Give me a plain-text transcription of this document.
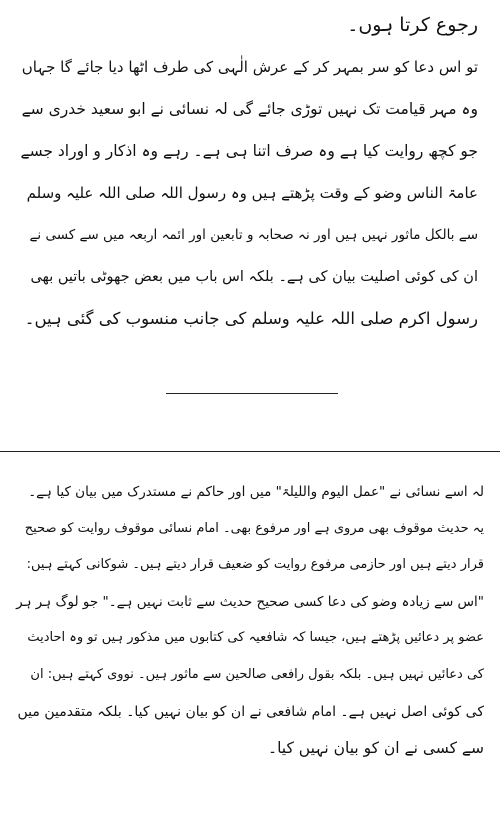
رجوع کرتا ہوں۔
تو اس دعا کو سر بمہر کر کے عرش الٰہی کی طرف اٹھا دیا جائے گا جہاں
وہ مہر قیامت تک نہیں توڑی جائے گی لہ نسائی نے ابو سعید خدری سے
جو کچھ روایت کیا ہے وہ صرف اتنا ہی ہے۔ رہے وہ اذکار و اوراد جسے
عامۃ الناس وضو کے وقت پڑھتے ہیں وہ رسول اللہ صلی اللہ علیہ وسلم
سے بالکل ماثور نہیں ہیں اور نہ صحابہ و تابعین اور ائمہ اربعہ میں سے کسی نے
ان کی کوئی اصلیت بیان کی ہے۔ بلکہ اس باب میں بعض جھوٹی باتیں بھی
رسول اکرم صلی اللہ علیہ وسلم کی جانب منسوب کی گئی ہیں۔
لہ اسے نسائی نے "عمل الیوم واللیلۃ" میں اور حاکم نے مستدرک میں بیان کیا ہے۔
یہ حدیث موقوف بھی مروی ہے اور مرفوع بھی۔ امام نسائی موقوف روایت کو صحیح
قرار دیتے ہیں اور حازمی مرفوع روایت کو ضعیف قرار دیتے ہیں۔ شوکانی کہتے ہیں:
"اس سے زیادہ وضو کی دعا کسی صحیح حدیث سے ثابت نہیں ہے۔" جو لوگ ہر ہر
عضو پر دعائیں پڑھتے ہیں، جیسا کہ شافعیہ کی کتابوں میں مذکور ہیں تو وہ احادیث
کی دعائیں نہیں ہیں۔ بلکہ بقول رافعی صالحین سے ماثور ہیں۔ نووی کہتے ہیں: ان
کی کوئی اصل نہیں ہے۔ امام شافعی نے ان کو بیان نہیں کیا۔ بلکہ متقدمین میں
سے کسی نے ان کو بیان نہیں کیا۔
